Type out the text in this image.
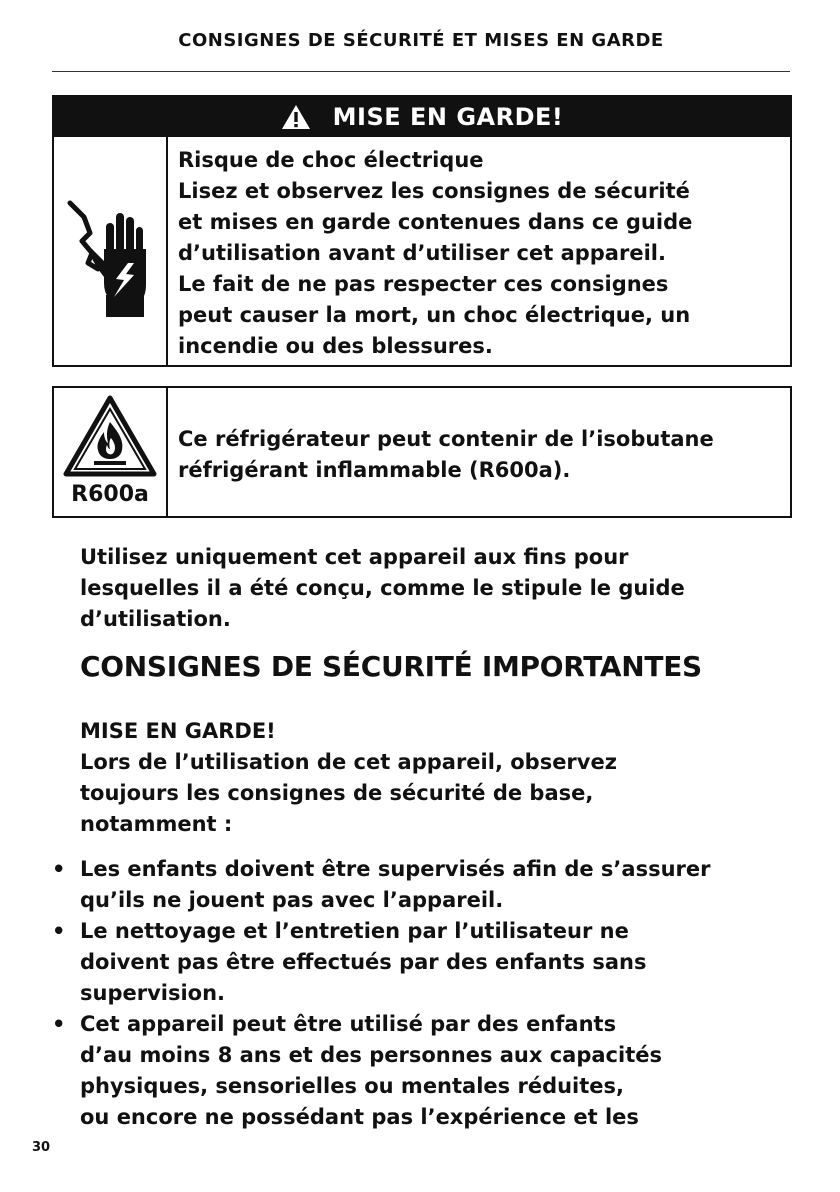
CONSIGNES DE SÉCURITÉ ET MISES EN GARDE
MISE EN GARDE!
Risque de choc électrique
Lisez et observez les consignes de sécurité
et mises en garde contenues dans ce guide
d’utilisation avant d’utiliser cet appareil.
Le fait de ne pas respecter ces consignes
peut causer la mort, un choc électrique, un
incendie ou des blessures.
R600a
Ce réfrigérateur peut contenir de l’isobutane
réfrigérant inflammable (R600a).
Utilisez uniquement cet appareil aux fins pour
lesquelles il a été conçu, comme le stipule le guide
d’utilisation.
CONSIGNES DE SÉCURITÉ IMPORTANTES
MISE EN GARDE!
Lors de l’utilisation de cet appareil, observez
toujours les consignes de sécurité de base,
notamment :
• Les enfants doivent être supervisés afin de s’assurer
qu’ils ne jouent pas avec l’appareil.
• Le nettoyage et l’entretien par l’utilisateur ne
doivent pas être effectués par des enfants sans
supervision.
• Cet appareil peut être utilisé par des enfants
d’au moins 8 ans et des personnes aux capacités
physiques, sensorielles ou mentales réduites,
ou encore ne possédant pas l’expérience et les
30
